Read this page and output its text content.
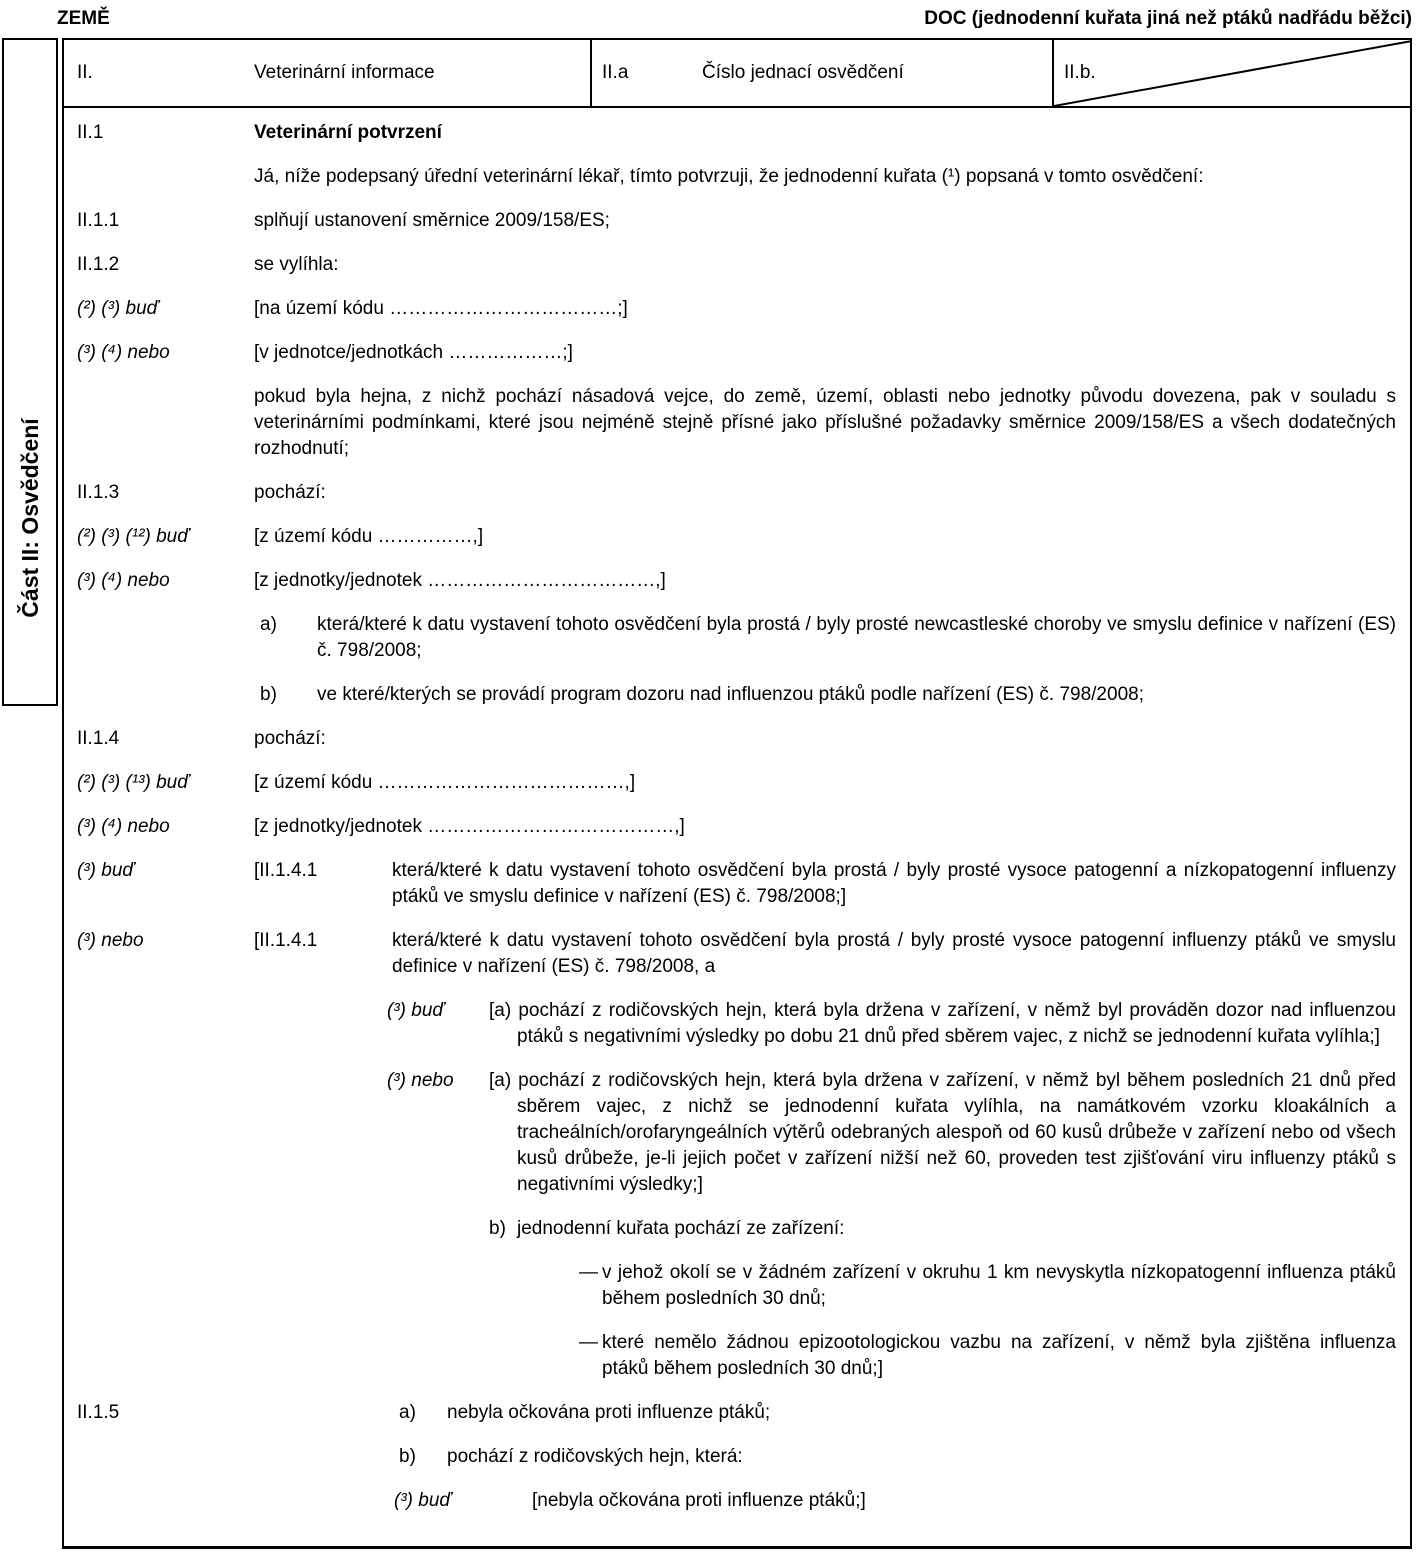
ZEMĚ	DOC (jednodenní kuřata jiná než ptáků nadřádu běžci)
Část II: Osvědčení
II.	Veterinární informace	II.a	Číslo jednací osvědčení	II.b.
II.1	Veterinární potvrzení
Já, níže podepsaný úřední veterinární lékař, tímto potvrzuji, že jednodenní kuřata (¹) popsaná v tomto osvědčení:
II.1.1	splňují ustanovení směrnice 2009/158/ES;
II.1.2	se vylíhla:
(²) (³) buď	[na území kódu ………………………………;]
(³) (⁴) nebo	[v jednotce/jednotkách ………………;]
pokud byla hejna, z nichž pochází násadová vejce, do země, území, oblasti nebo jednotky původu dovezena, pak v souladu s veterinárními podmínkami, které jsou nejméně stejně přísné jako příslušné požadavky směrnice 2009/158/ES a všech dodatečných rozhodnutí;
II.1.3	pochází:
(²) (³) (¹²) buď	[z území kódu ……………,]
(³) (⁴) nebo	[z jednotky/jednotek ………………………………,]
a)	která/které k datu vystavení tohoto osvědčení byla prostá / byly prosté newcastleské choroby ve smyslu definice v nařízení (ES) č. 798/2008;
b)	ve které/kterých se provádí program dozoru nad influenzou ptáků podle nařízení (ES) č. 798/2008;
II.1.4	pochází:
(²) (³) (¹³) buď	[z území kódu …………………………………,]
(³) (⁴) nebo	[z jednotky/jednotek …………………………………,]
(³) buď	[II.1.4.1	která/které k datu vystavení tohoto osvědčení byla prostá / byly prosté vysoce patogenní a nízkopatogenní influenzy ptáků ve smyslu definice v nařízení (ES) č. 798/2008;]
(³) nebo	[II.1.4.1	která/které k datu vystavení tohoto osvědčení byla prostá / byly prosté vysoce patogenní influenzy ptáků ve smyslu definice v nařízení (ES) č. 798/2008, a
(³) buď	[a) pochází z rodičovských hejn, která byla držena v zařízení, v němž byl prováděn dozor nad influenzou ptáků s negativními výsledky po dobu 21 dnů před sběrem vajec, z nichž se jednodenní kuřata vylíhla;]
(³) nebo	[a) pochází z rodičovských hejn, která byla držena v zařízení, v němž byl během posledních 21 dnů před sběrem vajec, z nichž se jednodenní kuřata vylíhla, na namátkovém vzorku kloakálních a tracheálních/orofaryngeálních výtěrů odebraných alespoň od 60 kusů drůbeže v zařízení nebo od všech kusů drůbeže, je-li jejich počet v zařízení nižší než 60, proveden test zjišťování viru influenzy ptáků s negativními výsledky;]
b) jednodenní kuřata pochází ze zařízení:
— v jehož okolí se v žádném zařízení v okruhu 1 km nevyskytla nízkopatogenní influenza ptáků během posledních 30 dnů;
— které nemělo žádnou epizootologickou vazbu na zařízení, v němž byla zjištěna influenza ptáků během posledních 30 dnů;]
II.1.5	a)	nebyla očkována proti influenze ptáků;
b)	pochází z rodičovských hejn, která:
(³) buď	[nebyla očkována proti influenze ptáků;]
